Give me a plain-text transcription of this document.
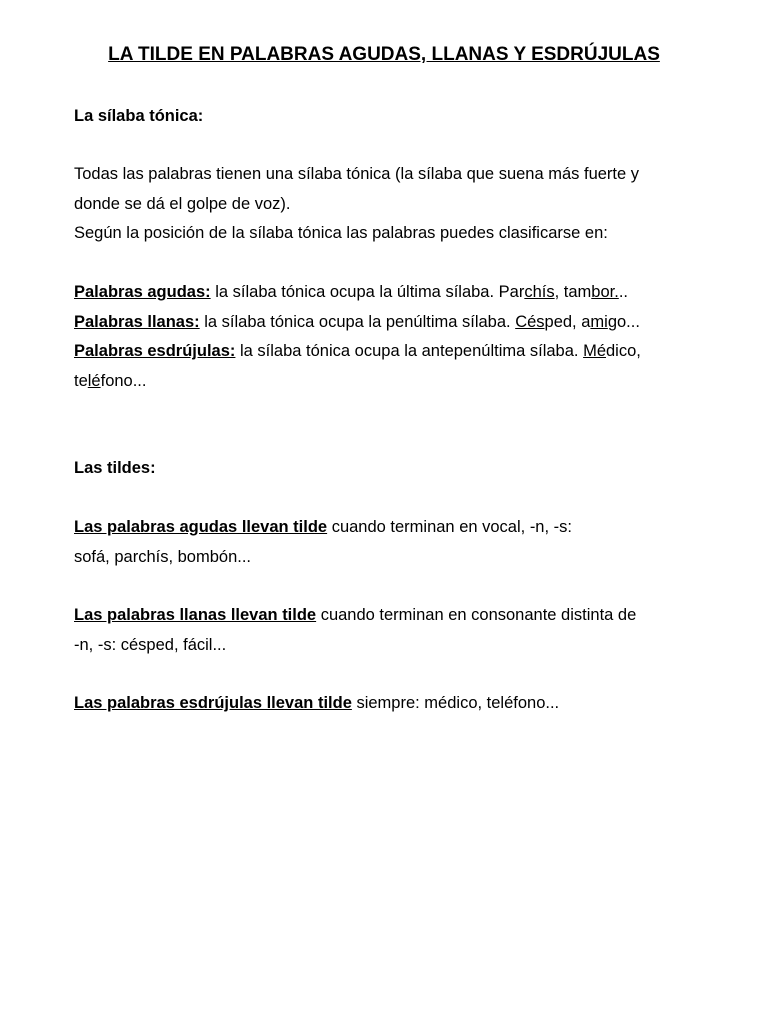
LA TILDE EN PALABRAS AGUDAS, LLANAS Y ESDRÚJULAS
La sílaba tónica:
Todas las palabras tienen una sílaba tónica (la sílaba que suena más fuerte y
donde se dá el golpe de voz).
Según la posición de la sílaba tónica las palabras puedes clasificarse en:
Palabras agudas: la sílaba tónica ocupa la última sílaba. Parchís, tambor...
Palabras llanas: la sílaba tónica ocupa la penúltima sílaba. Césped, amigo...
Palabras esdrújulas: la sílaba tónica ocupa la antepenúltima sílaba. Médico,
teléfono...
Las tildes:
Las palabras agudas llevan tilde cuando terminan en vocal, -n, -s:
sofá, parchís, bombón...
Las palabras llanas llevan tilde cuando terminan en consonante distinta de
-n, -s: césped, fácil...
Las palabras esdrújulas llevan tilde siempre: médico, teléfono...
